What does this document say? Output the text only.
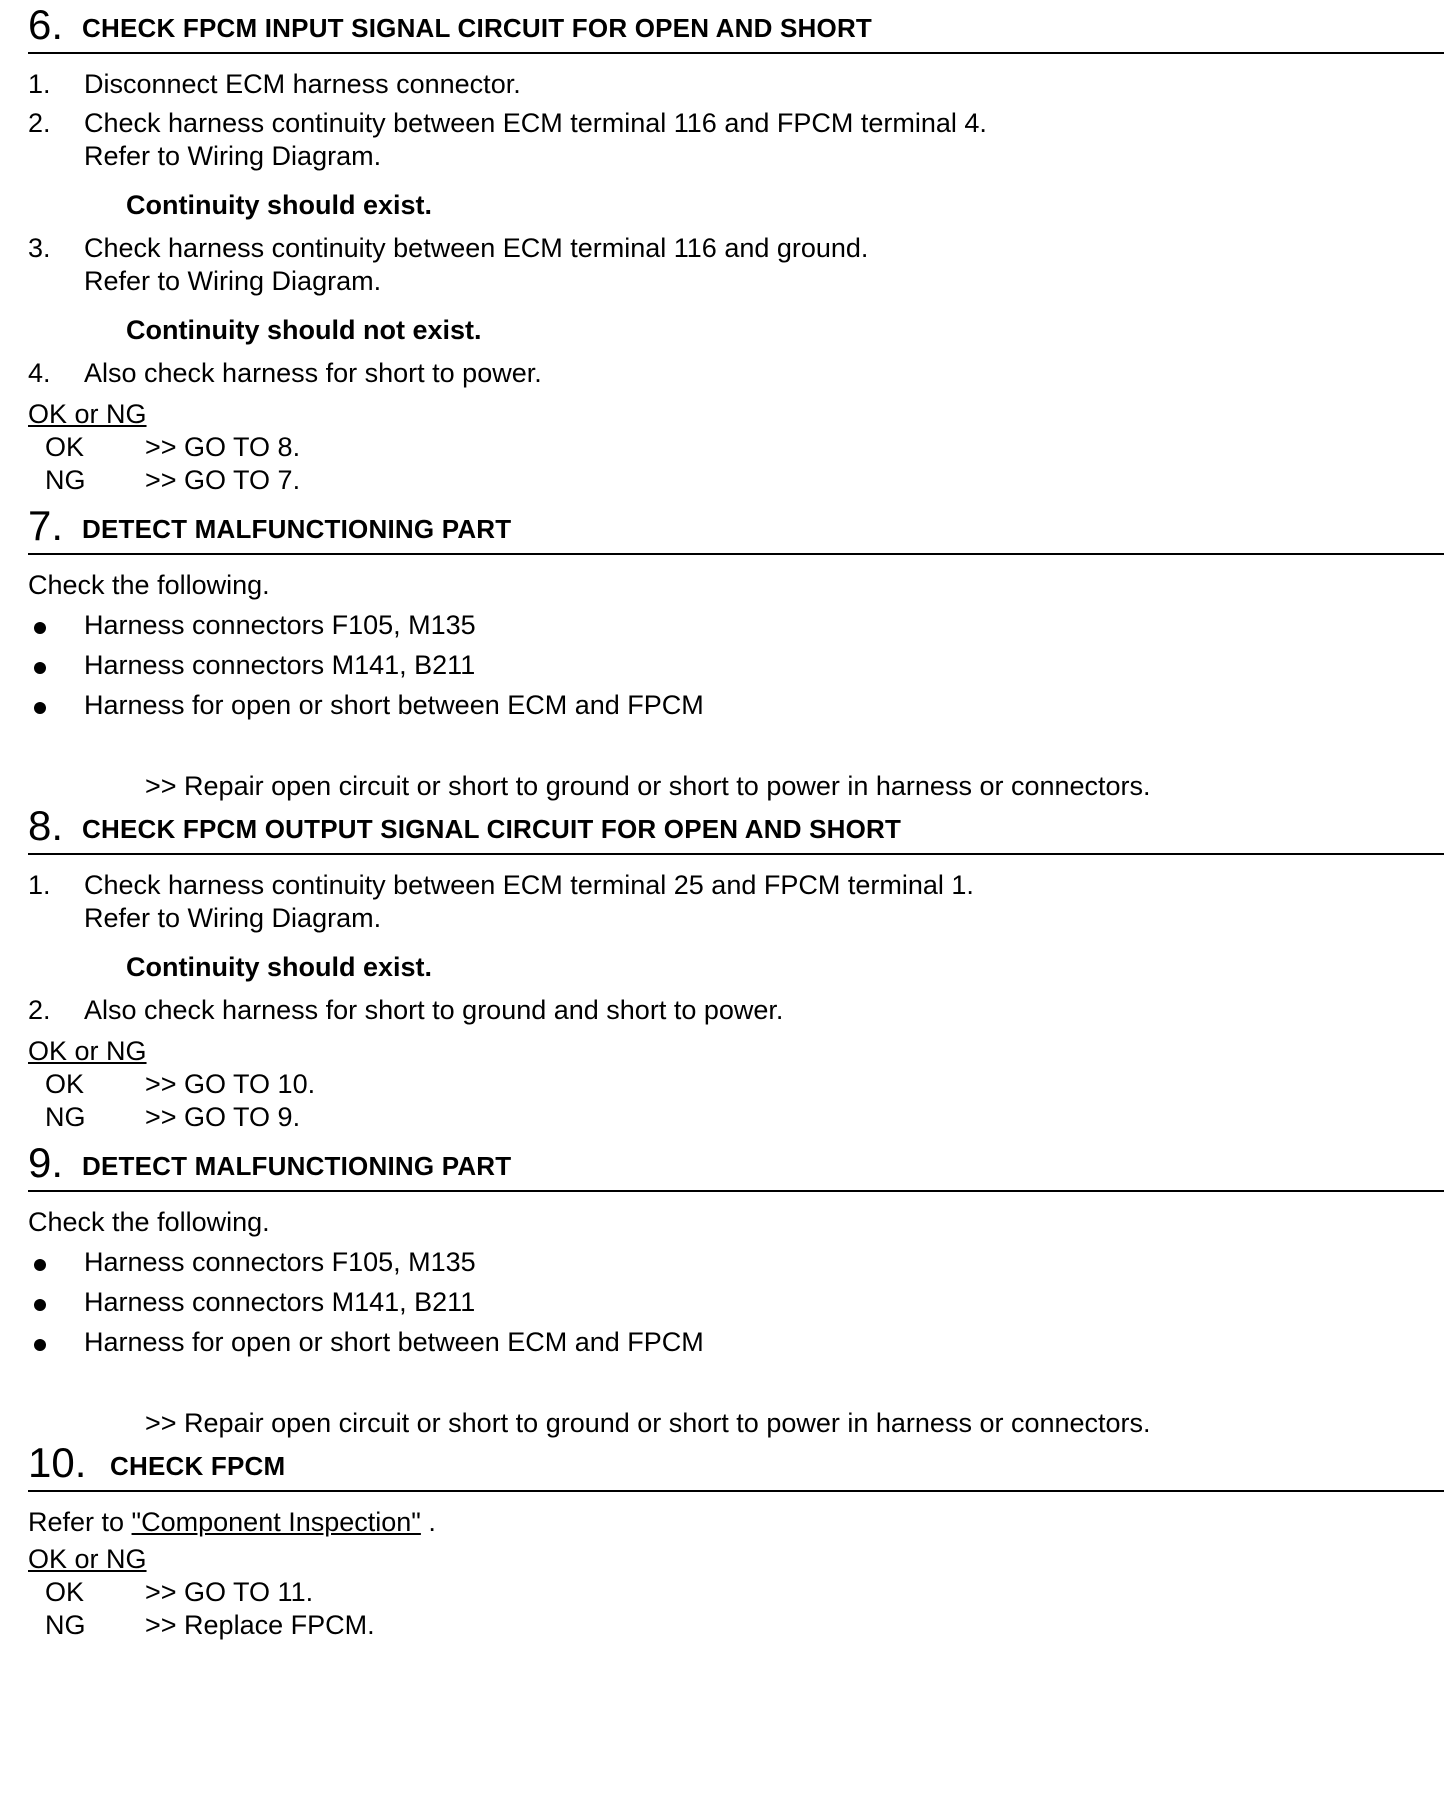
6. CHECK FPCM INPUT SIGNAL CIRCUIT FOR OPEN AND SHORT
1. Disconnect ECM harness connector.
2. Check harness continuity between ECM terminal 116 and FPCM terminal 4.
Refer to Wiring Diagram.
Continuity should exist.
3. Check harness continuity between ECM terminal 116 and ground.
Refer to Wiring Diagram.
Continuity should not exist.
4. Also check harness for short to power.
OK or NG
OK >> GO TO 8.
NG >> GO TO 7.
7. DETECT MALFUNCTIONING PART
Check the following.
Harness connectors F105, M135
Harness connectors M141, B211
Harness for open or short between ECM and FPCM
>> Repair open circuit or short to ground or short to power in harness or connectors.
8. CHECK FPCM OUTPUT SIGNAL CIRCUIT FOR OPEN AND SHORT
1. Check harness continuity between ECM terminal 25 and FPCM terminal 1.
Refer to Wiring Diagram.
Continuity should exist.
2. Also check harness for short to ground and short to power.
OK or NG
OK >> GO TO 10.
NG >> GO TO 9.
9. DETECT MALFUNCTIONING PART
Check the following.
Harness connectors F105, M135
Harness connectors M141, B211
Harness for open or short between ECM and FPCM
>> Repair open circuit or short to ground or short to power in harness or connectors.
10. CHECK FPCM
Refer to "Component Inspection" .
OK or NG
OK >> GO TO 11.
NG >> Replace FPCM.
